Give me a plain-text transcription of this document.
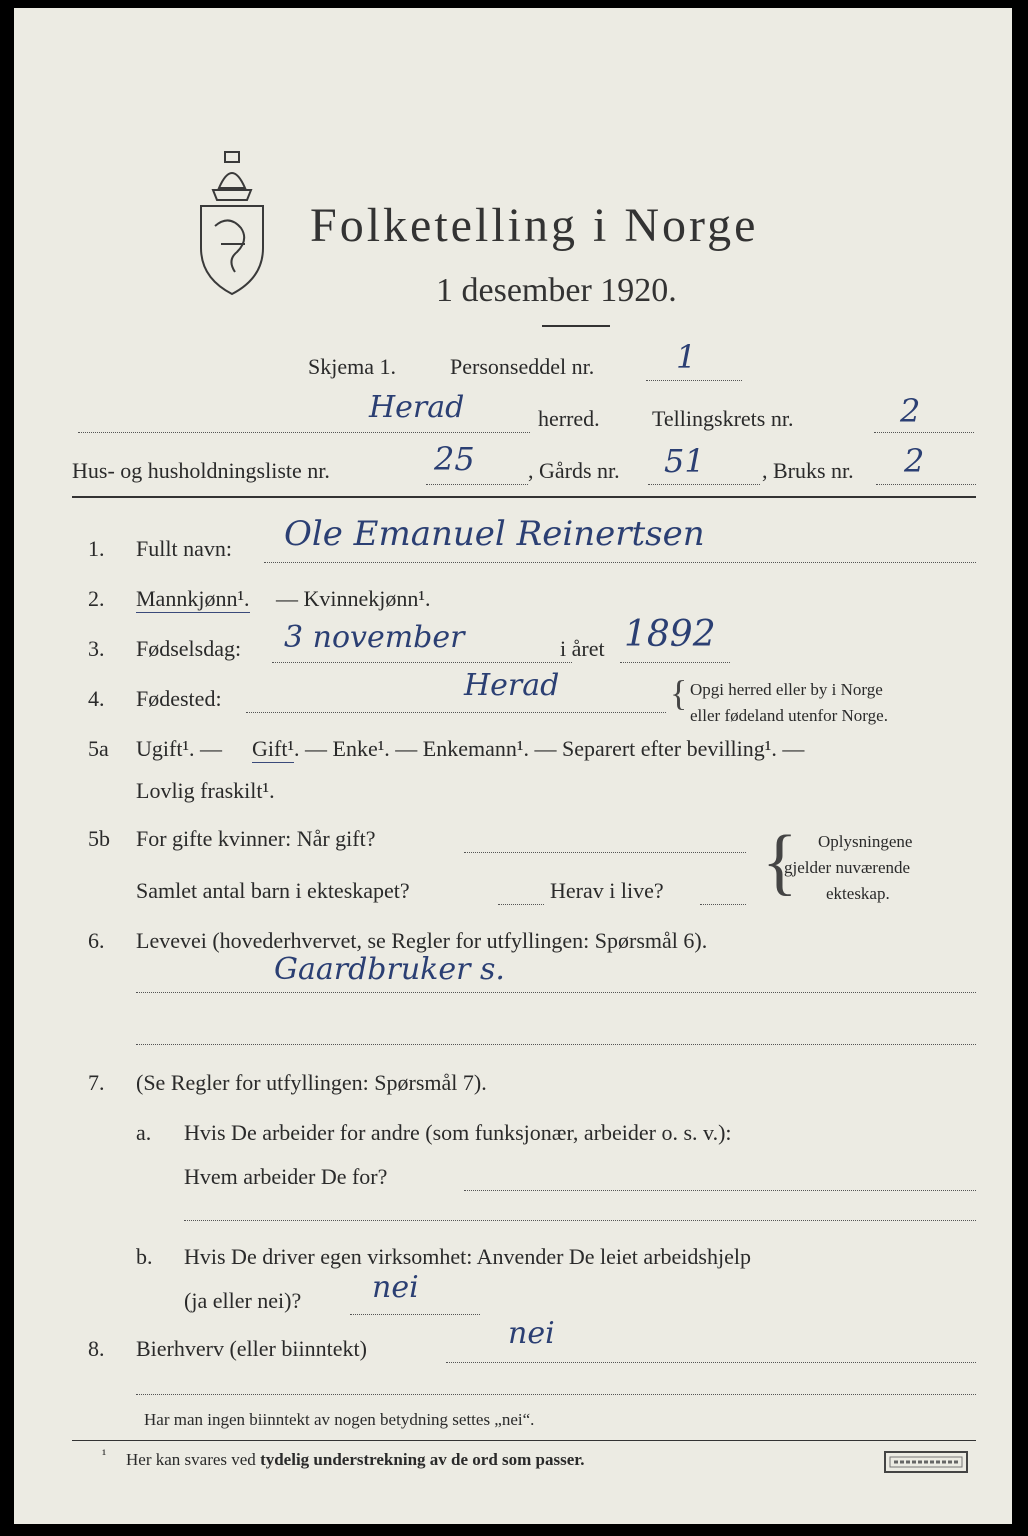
Folketelling i Norge
1 desember 1920.
Skjema 1. Personseddel nr.	1
Herad	herred. Tellingskrets nr.	2
Hus- og husholdningsliste nr.	25 , Gårds nr. 51	, Bruks nr. 2
1. Fullt navn: Ole Emanuel Reinertsen
2. Mannkjønn¹. — Kvinnekjønn¹.
3. Fødselsdag: 3 november	i året 1892
4. Fødested:	Herad	{ Opgi herred eller by i Norge
eller fødeland utenfor Norge.
5a Ugift¹. — Gift¹ . — Enke¹. — Enkemann¹. — Separert efter bevilling¹. —
Lovlig fraskilt¹.
5b For gifte kvinner: Når gift?
Samlet antal barn i ekteskapet?	Herav i live? { Oplysningene
gjelder nuværende
ekteskap.
6. Levevei (hovederhvervet, se Regler for utfyllingen: Spørsmål 6).
Gaardbruker s.
7. (Se Regler for utfyllingen: Spørsmål 7).
a. Hvis De arbeider for andre (som funksjonær, arbeider o. s. v.):
Hvem arbeider De for?
b. Hvis De driver egen virksomhet: Anvender De leiet arbeidshjelp
(ja eller nei)? nei
8. Bierhverv (eller biinntekt)	nei
Har man ingen biinntekt av nogen betydning settes „nei“.
¹ Her kan svares ved tydelig understrekning av de ord som passer.
